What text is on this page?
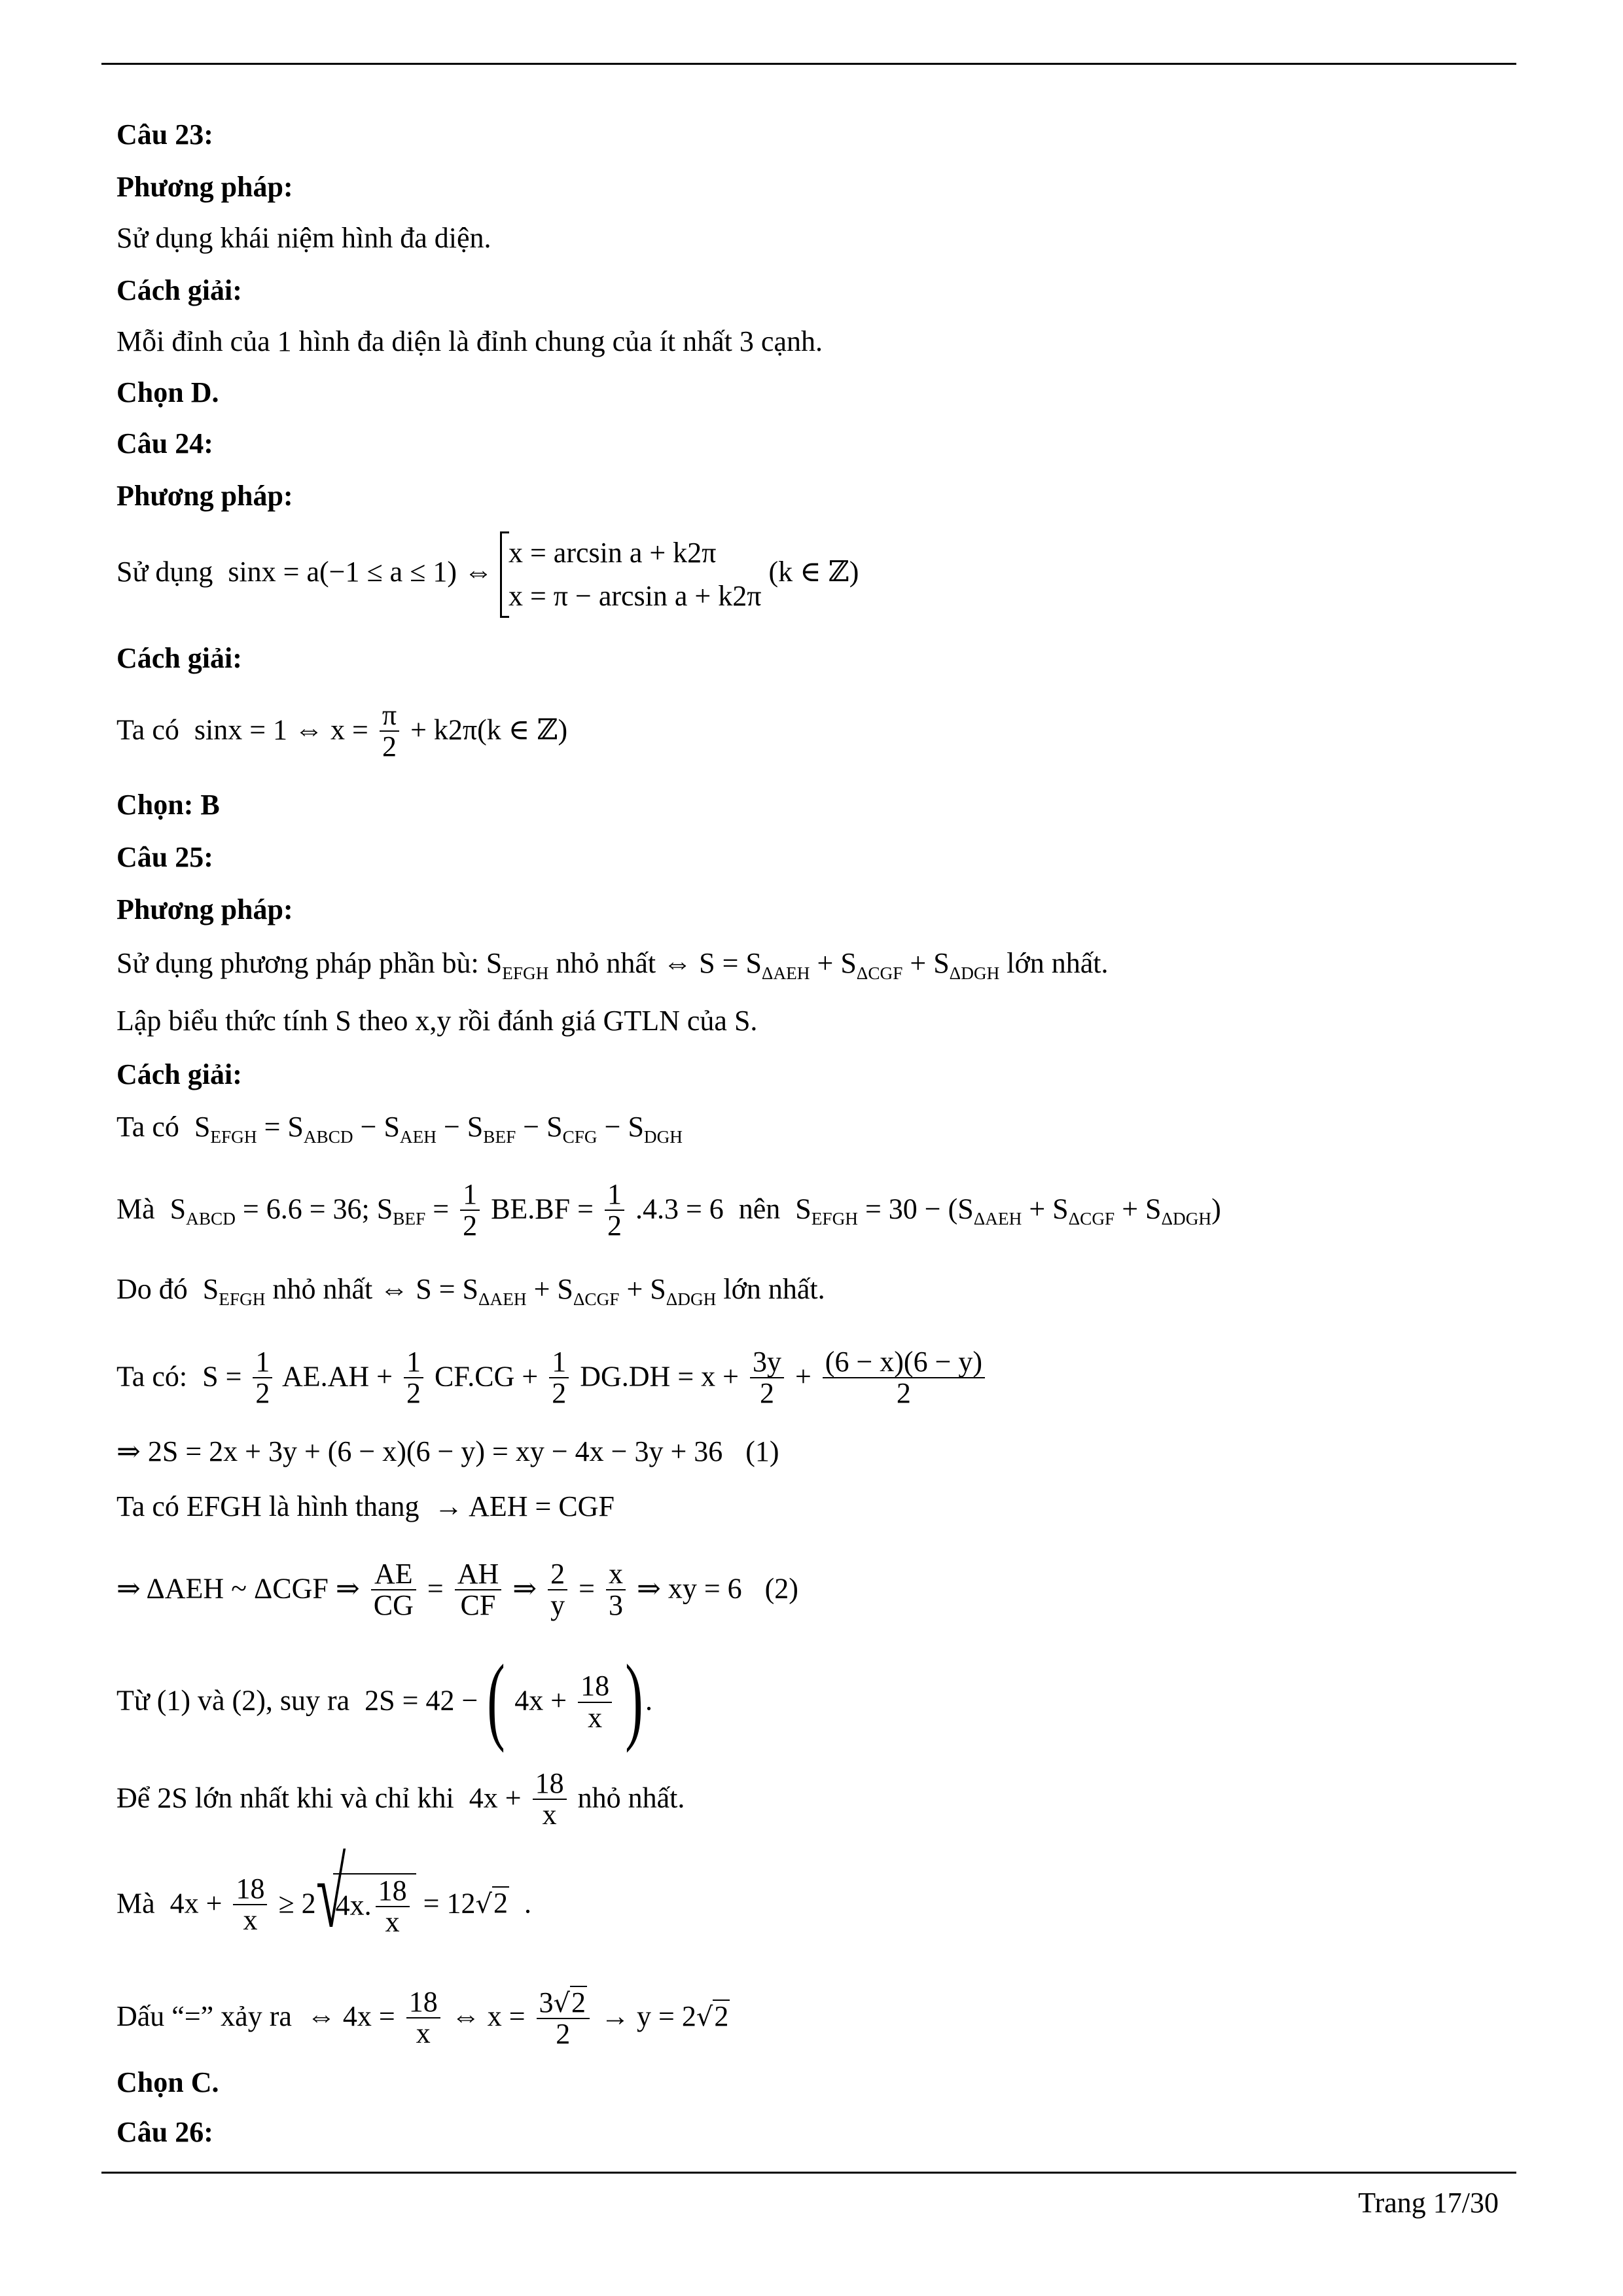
Câu 23:
Phương pháp:
Sử dụng khái niệm hình đa diện.
Cách giải:
Mỗi đỉnh của 1 hình đa diện là đỉnh chung của ít nhất 3 cạnh.
Chọn D.
Câu 24:
Phương pháp:
Sử dụng sinx = a(−1 ≤ a ≤ 1) ⇔
x = arcsin a + k2π
x = π − arcsin a + k2π
(k ∈ ℤ)
Cách giải:
Ta có sinx = 1 ⇔ $x = \frac{\pi}{2} + k2\pi(k$ ∈ ℤ)
Chọn: B
Câu 25:
Phương pháp:
Sử dụng phương pháp phần bù: $S_{EFGH}$ nhỏ nhất ⇔ $S = S_{\Delta AEH} + S_{\Delta CGF} + S_{\Delta DGH}$ lớn nhất.
Lập biểu thức tính S theo x,y rồi đánh giá GTLN của S.
Cách giải:
Ta có $S_{EFGH} = S_{ABCD} - S_{AEH} - S_{BEF} - S_{CFG} - S_{DGH}$
Mà $S_{ABCD} = 6.6 = 36$; $S_{BEF} = \frac{1}{2} BE.BF = \frac{1}{2} .4.3 = 6$ nên $S_{EFGH} = 30 - (S_{\Delta AEH} + S_{\Delta CGF} + S_{\Delta DGH})$
Do đó $S_{EFGH}$ nhỏ nhất ⇔ $S = S_{\Delta AEH} + S_{\Delta CGF} + S_{\Delta DGH}$ lớn nhất.
Ta có: $S = \frac{1}{2} AE.AH + \frac{1}{2} CF.CG + \frac{1}{2} DG.DH = x + \frac{3y}{2} + \frac{(6 - x)(6 - y)}{2}$
⇒ 2S = 2x + 3y + (6 − x)(6 − y) = xy − 4x − 3y + 36 (1)
Ta có EFGH là hình thang → AEH = CGF
⇒ ΔAEH ~ ΔCGF ⇒ $\frac{AE}{CG} = \frac{AH}{CF}$ ⇒ $\frac{2}{y} = \frac{x}{3}$ ⇒ xy = 6 (2)
Từ (1) và (2), suy ra 2S = 42 − ( $4x + \frac{18}{x}$ ).
Để 2S lớn nhất khi và chỉ khi $4x + \frac{18}{x}$ nhỏ nhất.
Mà $4x + \frac{18}{x} \ge 2$ √
4x. $\frac{18}{x} = 12√2$ .
Dấu “=” xảy ra ⇔ $4x = \frac{18}{x}$ ⇔ $x = \frac{3√2}{2} \to y = 2√2$
Chọn C.
Câu 26:
Trang 17/30
